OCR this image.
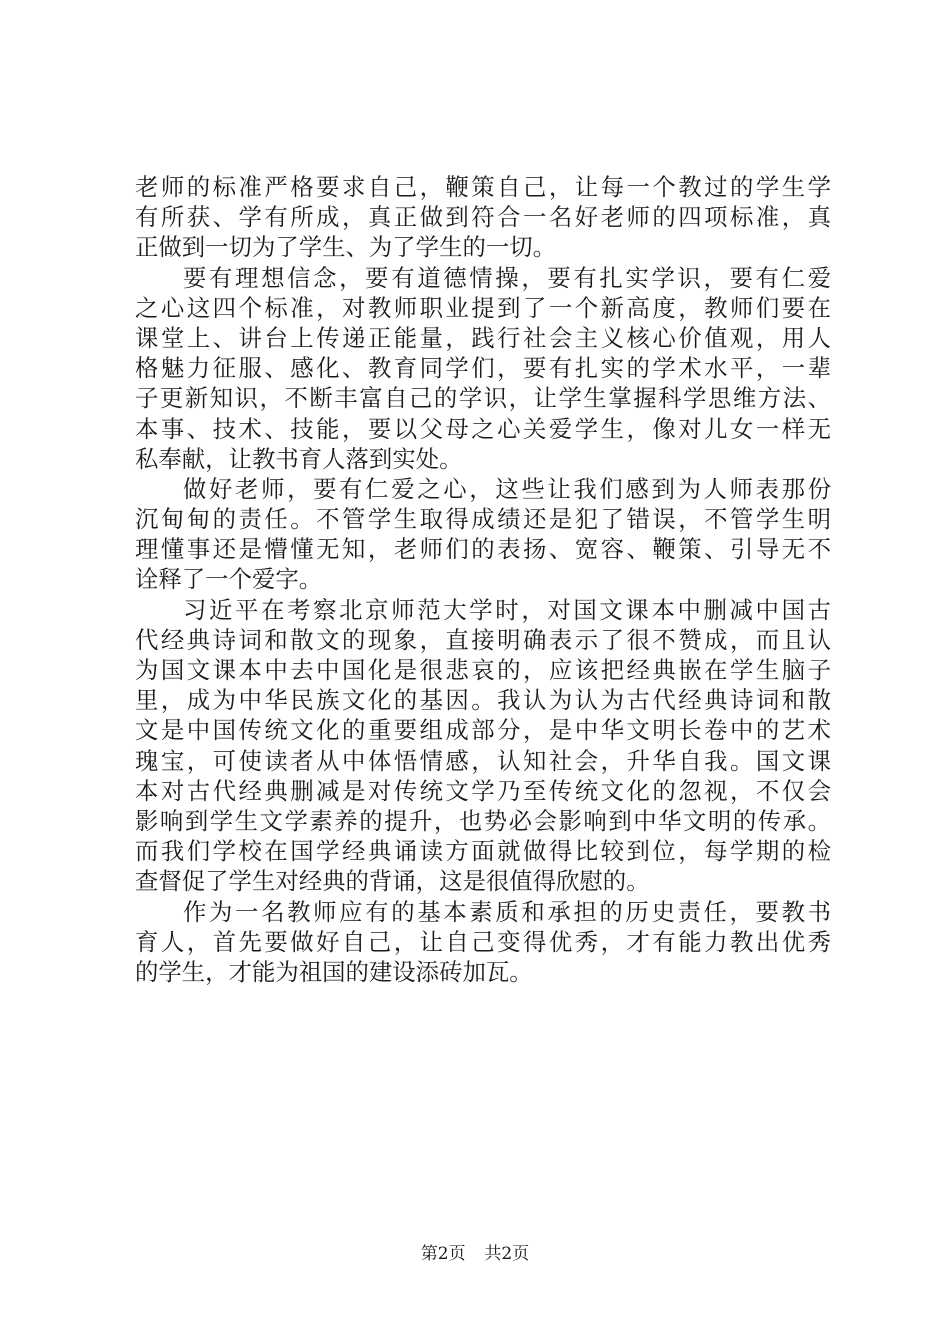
老师的标准严格要求自己，鞭策自己，让每一个教过的学生学
有所获、学有所成，真正做到符合一名好老师的四项标准，真
正做到一切为了学生、为了学生的一切。
要有理想信念，要有道德情操，要有扎实学识，要有仁爱
之心这四个标准，对教师职业提到了一个新高度，教师们要在
课堂上、讲台上传递正能量，践行社会主义核心价值观，用人
格魅力征服、感化、教育同学们，要有扎实的学术水平，一辈
子更新知识，不断丰富自己的学识，让学生掌握科学思维方法、
本事、技术、技能，要以父母之心关爱学生，像对儿女一样无
私奉献，让教书育人落到实处。
做好老师，要有仁爱之心，这些让我们感到为人师表那份
沉甸甸的责任。不管学生取得成绩还是犯了错误，不管学生明
理懂事还是懵懂无知，老师们的表扬、宽容、鞭策、引导无不
诠释了一个爱字。
习近平在考察北京师范大学时，对国文课本中删减中国古
代经典诗词和散文的现象，直接明确表示了很不赞成，而且认
为国文课本中去中国化是很悲哀的，应该把经典嵌在学生脑子
里，成为中华民族文化的基因。我认为认为古代经典诗词和散
文是中国传统文化的重要组成部分，是中华文明长卷中的艺术
瑰宝，可使读者从中体悟情感，认知社会，升华自我。国文课
本对古代经典删减是对传统文学乃至传统文化的忽视，不仅会
影响到学生文学素养的提升，也势必会影响到中华文明的传承。
而我们学校在国学经典诵读方面就做得比较到位，每学期的检
查督促了学生对经典的背诵，这是很值得欣慰的。
作为一名教师应有的基本素质和承担的历史责任，要教书
育人，首先要做好自己，让自己变得优秀，才有能力教出优秀
的学生，才能为祖国的建设添砖加瓦。
第2页 共2页
